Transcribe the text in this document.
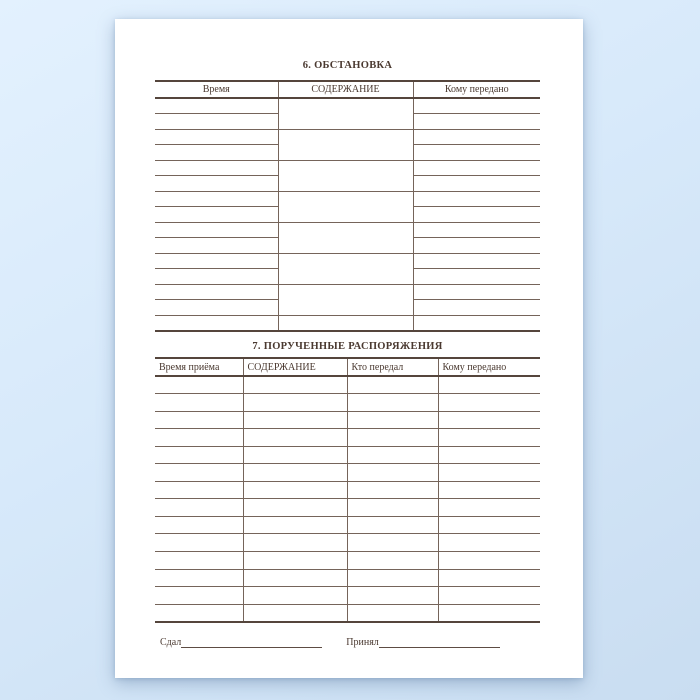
6. ОБСТАНОВКА
Время	СОДЕРЖАНИЕ	Кому передано

7. ПОРУЧЕННЫЕ РАСПОРЯЖЕНИЯ
Время приёма	СОДЕРЖАНИЕ	Кто передал	Кому передано

Сдал	Принял
